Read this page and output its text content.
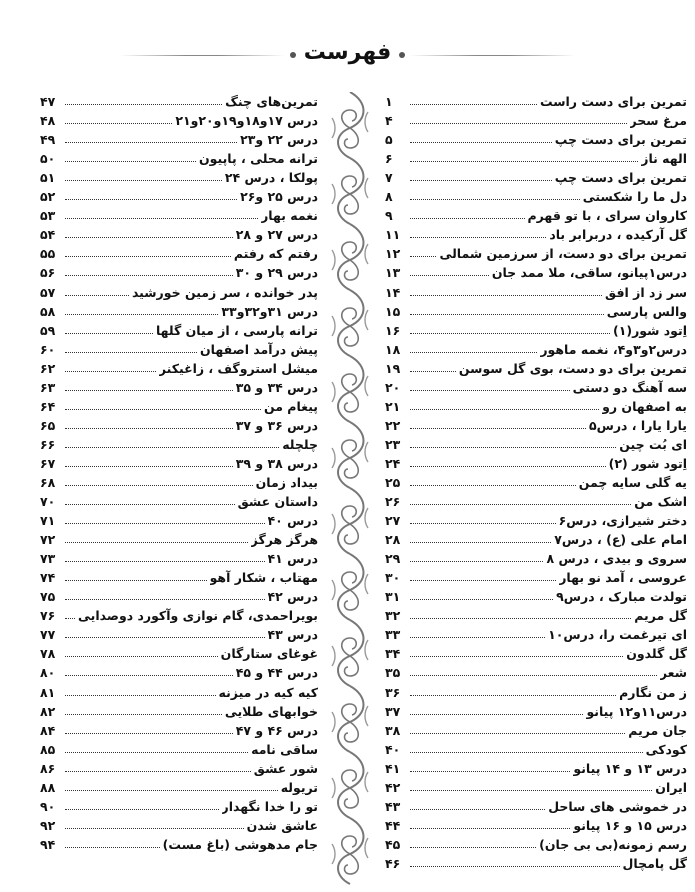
فهرست
تمرین برای دست راست
۱
مرغ سحر
۴
تمرین برای دست چپ
۵
الهه ناز
۶
تمرین برای دست چپ
۷
دل ما را شکستی
۸
کاروان سرای ، با تو قهرم
۹
گل آرکیده ، دربرابر باد
۱۱
تمرین برای دو دست، از سرزمین شمالی
۱۲
درس۱پیانو، ساقی، ملا ممد جان
۱۳
سر زد از افق
۱۴
والس پارسی
۱۵
اِتود شور(۱)
۱۶
درس۲و۳و۴، نغمه ماهور
۱۸
تمرین برای دو دست، بوی گل سوسن
۱۹
سه آهنگ دو دستی
۲۰
به اصفهان رو
۲۱
یارا یارا ، درس۵
۲۲
ای بُت چین
۲۳
اِتود شور (۲)
۲۴
یه گلی سایه چمن
۲۵
اشک من
۲۶
دختر شیرازی، درس۶
۲۷
امام علی (ع) ، درس۷
۲۸
سروی و بیدی ، درس ۸
۲۹
عروسی ، آمد نو بهار
۳۰
تولدت مبارک ، درس۹
۳۱
گل مریم
۳۲
ای تیرغمت را، درس۱۰
۳۳
گل گلدون
۳۴
شعر
۳۵
ز من نگارم
۳۶
درس۱۱و۱۲ پیانو
۳۷
جان مریم
۳۸
کودکی
۴۰
درس ۱۳ و ۱۴ پیانو
۴۱
ایران
۴۲
در خموشی های ساحل
۴۳
درس ۱۵ و ۱۶ پیانو
۴۴
رسم زمونه(بی بی جان)
۴۵
گل پامچال
۴۶
تمرین‌های چنگ
۴۷
درس ۱۷و۱۸و۱۹و۲۰و۲۱
۴۸
درس ۲۲ و۲۳
۴۹
ترانه محلی ، پاپیون
۵۰
پولکا ، درس ۲۴
۵۱
درس ۲۵ و۲۶
۵۲
نغمه بهار
۵۳
درس ۲۷ و ۲۸
۵۴
رفتم که رفتم
۵۵
درس ۲۹ و ۳۰
۵۶
پدر خوانده ، سر زمین خورشید
۵۷
درس ۳۱و۳۲و۳۳
۵۸
ترانه پارسی ، از میان گلها
۵۹
پیش درآمد اصفهان
۶۰
میشل استروگف ، زاغیکنر
۶۲
درس ۳۴ و ۳۵
۶۳
پیغام من
۶۴
درس ۳۶ و ۳۷
۶۵
چلچله
۶۶
درس ۳۸ و ۳۹
۶۷
بیداد زمان
۶۸
داستان عشق
۷۰
درس ۴۰
۷۱
هرگز هرگز
۷۲
درس ۴۱
۷۳
مهتاب ، شکار آهو
۷۴
درس ۴۲
۷۵
بویراحمدی، گام نوازی وآکورد دوصدایی
۷۶
درس ۴۳
۷۷
غوغای ستارگان
۷۸
درس ۴۴ و ۴۵
۸۰
کیه کیه در میزنه
۸۱
خوابهای طلایی
۸۲
درس ۴۶ و ۴۷
۸۴
ساقی نامه
۸۵
شور عشق
۸۶
تریوله
۸۸
تو را خدا نگهدار
۹۰
عاشق شدن
۹۲
جام مدهوشی (باغ مست)
۹۴
